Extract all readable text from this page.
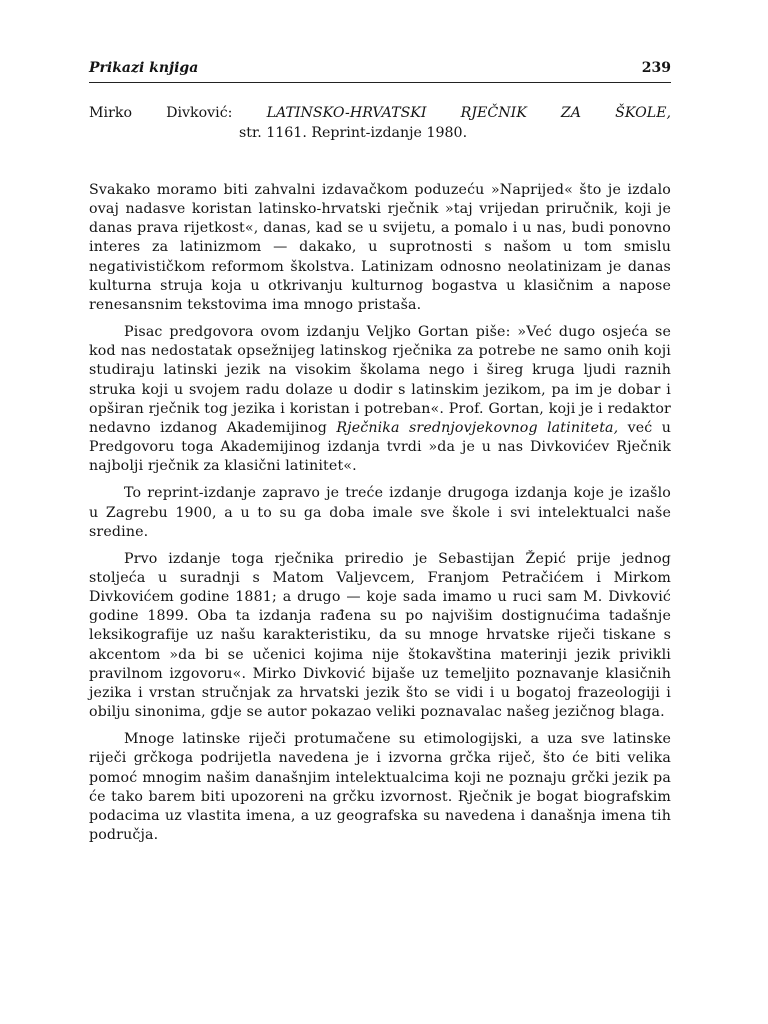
Prikazi knjiga	239
Mirko Divković: LATINSKO-HRVATSKI RJEČNIK ZA ŠKOLE,
str. 1161. Reprint-izdanje 1980.

Svakako moramo biti zahvalni izdavačkom poduzeću »Naprijed« što je izdalo ovaj nadasve koristan latinsko-hrvatski rječnik »taj vrijedan priručnik, koji je danas prava rijetkost«, danas, kad se u svijetu, a pomalo i u nas, budi ponovno interes za latinizmom — dakako, u suprotnosti s našom u tom smislu negativističkom reformom školstva. Latinizam odnosno neolatinizam je danas kulturna struja koja u otkrivanju kulturnog bogastva u klasičnim a napose renesansnim tekstovima ima mnogo pristaša.

Pisac predgovora ovom izdanju Veljko Gortan piše: »Već dugo osjeća se kod nas nedostatak opsežnijeg latinskog rječnika za potrebe ne samo onih koji studiraju latinski jezik na visokim školama nego i šireg kruga ljudi raznih struka koji u svojem radu dolaze u dodir s latinskim jezikom, pa im je dobar i opširan rječnik tog jezika i koristan i potreban«. Prof. Gortan, koji je i redaktor nedavno izdanog Akademijinog Rječnika srednjovjekovnog latiniteta, već u Predgovoru toga Akademijinog izdanja tvrdi »da je u nas Divkovićev Rječnik najbolji rječnik za klasični latinitet«.

To reprint-izdanje zapravo je treće izdanje drugoga izdanja koje je izašlo u Zagrebu 1900, a u to su ga doba imale sve škole i svi intelektualci naše sredine.

Prvo izdanje toga rječnika priredio je Sebastijan Žepić prije jednog stoljeća u suradnji s Matom Valjevcem, Franjom Petračićem i Mirkom Divkovićem godine 1881; a drugo — koje sada imamo u ruci sam M. Divković godine 1899. Oba ta izdanja rađena su po najvišim dostignućima tadašnje leksikografije uz našu karakteristiku, da su mnoge hrvatske riječi tiskane s akcentom »da bi se učenici kojima nije štokavština materinji jezik privikli pravilnom izgovoru«. Mirko Divković bijaše uz temeljito poznavanje klasičnih jezika i vrstan stručnjak za hrvatski jezik što se vidi i u bogatoj frazeologiji i obilju sinonima, gdje se autor pokazao veliki poznavalac našeg jezičnog blaga.

Mnoge latinske riječi protumačene su etimologijski, a uza sve latinske riječi grčkoga podrijetla navedena je i izvorna grčka riječ, što će biti velika pomoć mnogim našim današnjim intelektualcima koji ne poznaju grčki jezik pa će tako barem biti upozoreni na grčku izvornost. Rječnik je bogat biografskim podacima uz vlastita imena, a uz geografska su navedena i današnja imena tih područja.
